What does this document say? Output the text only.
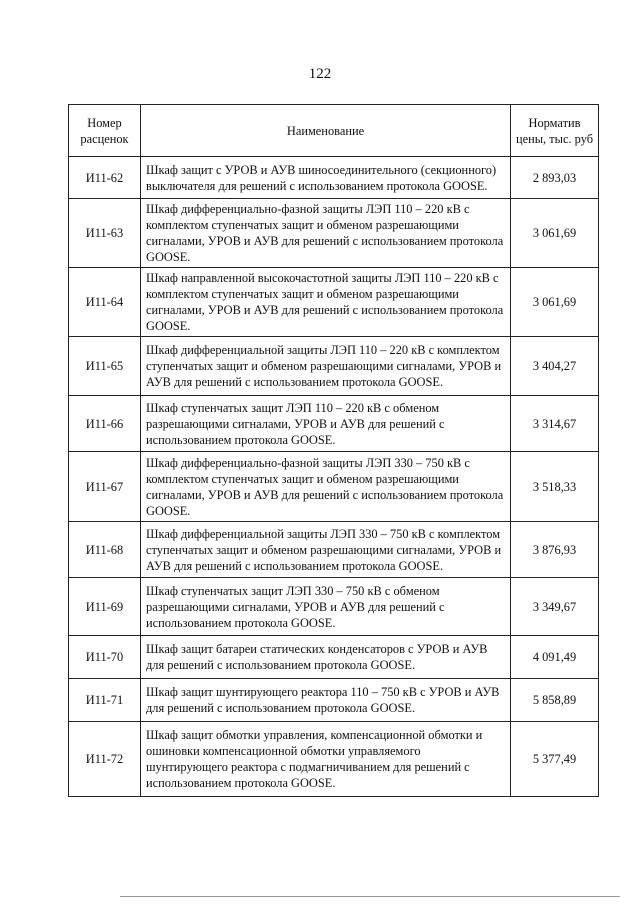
122
Номер расценок	Наименование	Норматив цены, тыс. руб
И11-62	Шкаф защит с УРОВ и АУВ шиносоединительного (секционного) выключателя для решений с использованием протокола GOOSE.	2 893,03
И11-63	Шкаф дифференциально-фазной защиты ЛЭП 110 – 220 кВ с комплектом ступенчатых защит и обменом разрешающими сигналами, УРОВ и АУВ для решений с использованием протокола GOOSE.	3 061,69
И11-64	Шкаф направленной высокочастотной защиты ЛЭП 110 – 220 кВ с комплектом ступенчатых защит и обменом разрешающими сигналами, УРОВ и АУВ для решений с использованием протокола GOOSE.	3 061,69
И11-65	Шкаф дифференциальной защиты ЛЭП 110 – 220 кВ с комплектом ступенчатых защит и обменом разрешающими сигналами, УРОВ и АУВ для решений с использованием протокола GOOSE.	3 404,27
И11-66	Шкаф ступенчатых защит ЛЭП 110 – 220 кВ с обменом разрешающими сигналами, УРОВ и АУВ для решений с использованием протокола GOOSE.	3 314,67
И11-67	Шкаф дифференциально-фазной защиты ЛЭП 330 – 750 кВ с комплектом ступенчатых защит и обменом разрешающими сигналами, УРОВ и АУВ для решений с использованием протокола GOOSE.	3 518,33
И11-68	Шкаф дифференциальной защиты ЛЭП 330 – 750 кВ с комплектом ступенчатых защит и обменом разрешающими сигналами, УРОВ и АУВ для решений с использованием протокола GOOSE.	3 876,93
И11-69	Шкаф ступенчатых защит ЛЭП 330 – 750 кВ с обменом разрешающими сигналами, УРОВ и АУВ для решений с использованием протокола GOOSE.	3 349,67
И11-70	Шкаф защит батареи статических конденсаторов с УРОВ и АУВ для решений с использованием протокола GOOSE.	4 091,49
И11-71	Шкаф защит шунтирующего реактора 110 – 750 кВ с УРОВ и АУВ для решений с использованием протокола GOOSE.	5 858,89
И11-72	Шкаф защит обмотки управления, компенсационной обмотки и ошиновки компенсационной обмотки управляемого шунтирующего реактора с подмагничиванием для решений с использованием протокола GOOSE.	5 377,49
